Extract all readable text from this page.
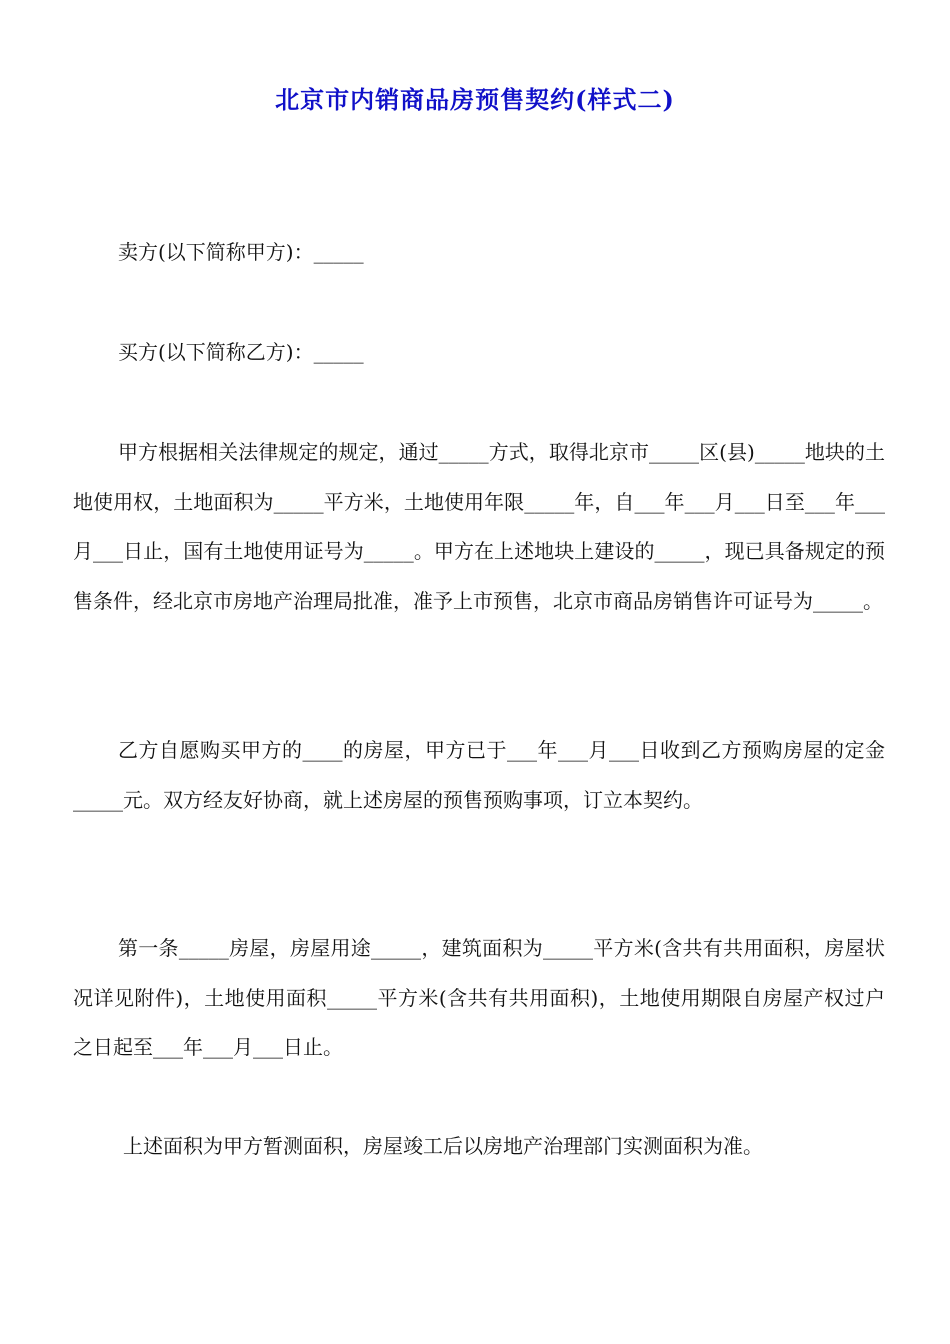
北京市内销商品房预售契约(样式二)

卖方(以下简称甲方)：_____

买方(以下简称乙方)：_____

甲方根据相关法律规定的规定，通过_____方式，取得北京市_____区(县)_____地块的土地使用权，土地面积为_____平方米，土地使用年限_____年，自___年___月___日至___年___月___日止，国有土地使用证号为_____。甲方在上述地块上建设的_____，现已具备规定的预售条件，经北京市房地产治理局批准，准予上市预售，北京市商品房销售许可证号为_____。

乙方自愿购买甲方的____的房屋，甲方已于___年___月___日收到乙方预购房屋的定金_____元。双方经友好协商，就上述房屋的预售预购事项，订立本契约。

第一条_____房屋，房屋用途_____，建筑面积为_____平方米(含共有共用面积，房屋状况详见附件)，土地使用面积_____平方米(含共有共用面积)，土地使用期限自房屋产权过户之日起至___年___月___日止。

上述面积为甲方暂测面积，房屋竣工后以房地产治理部门实测面积为准。
